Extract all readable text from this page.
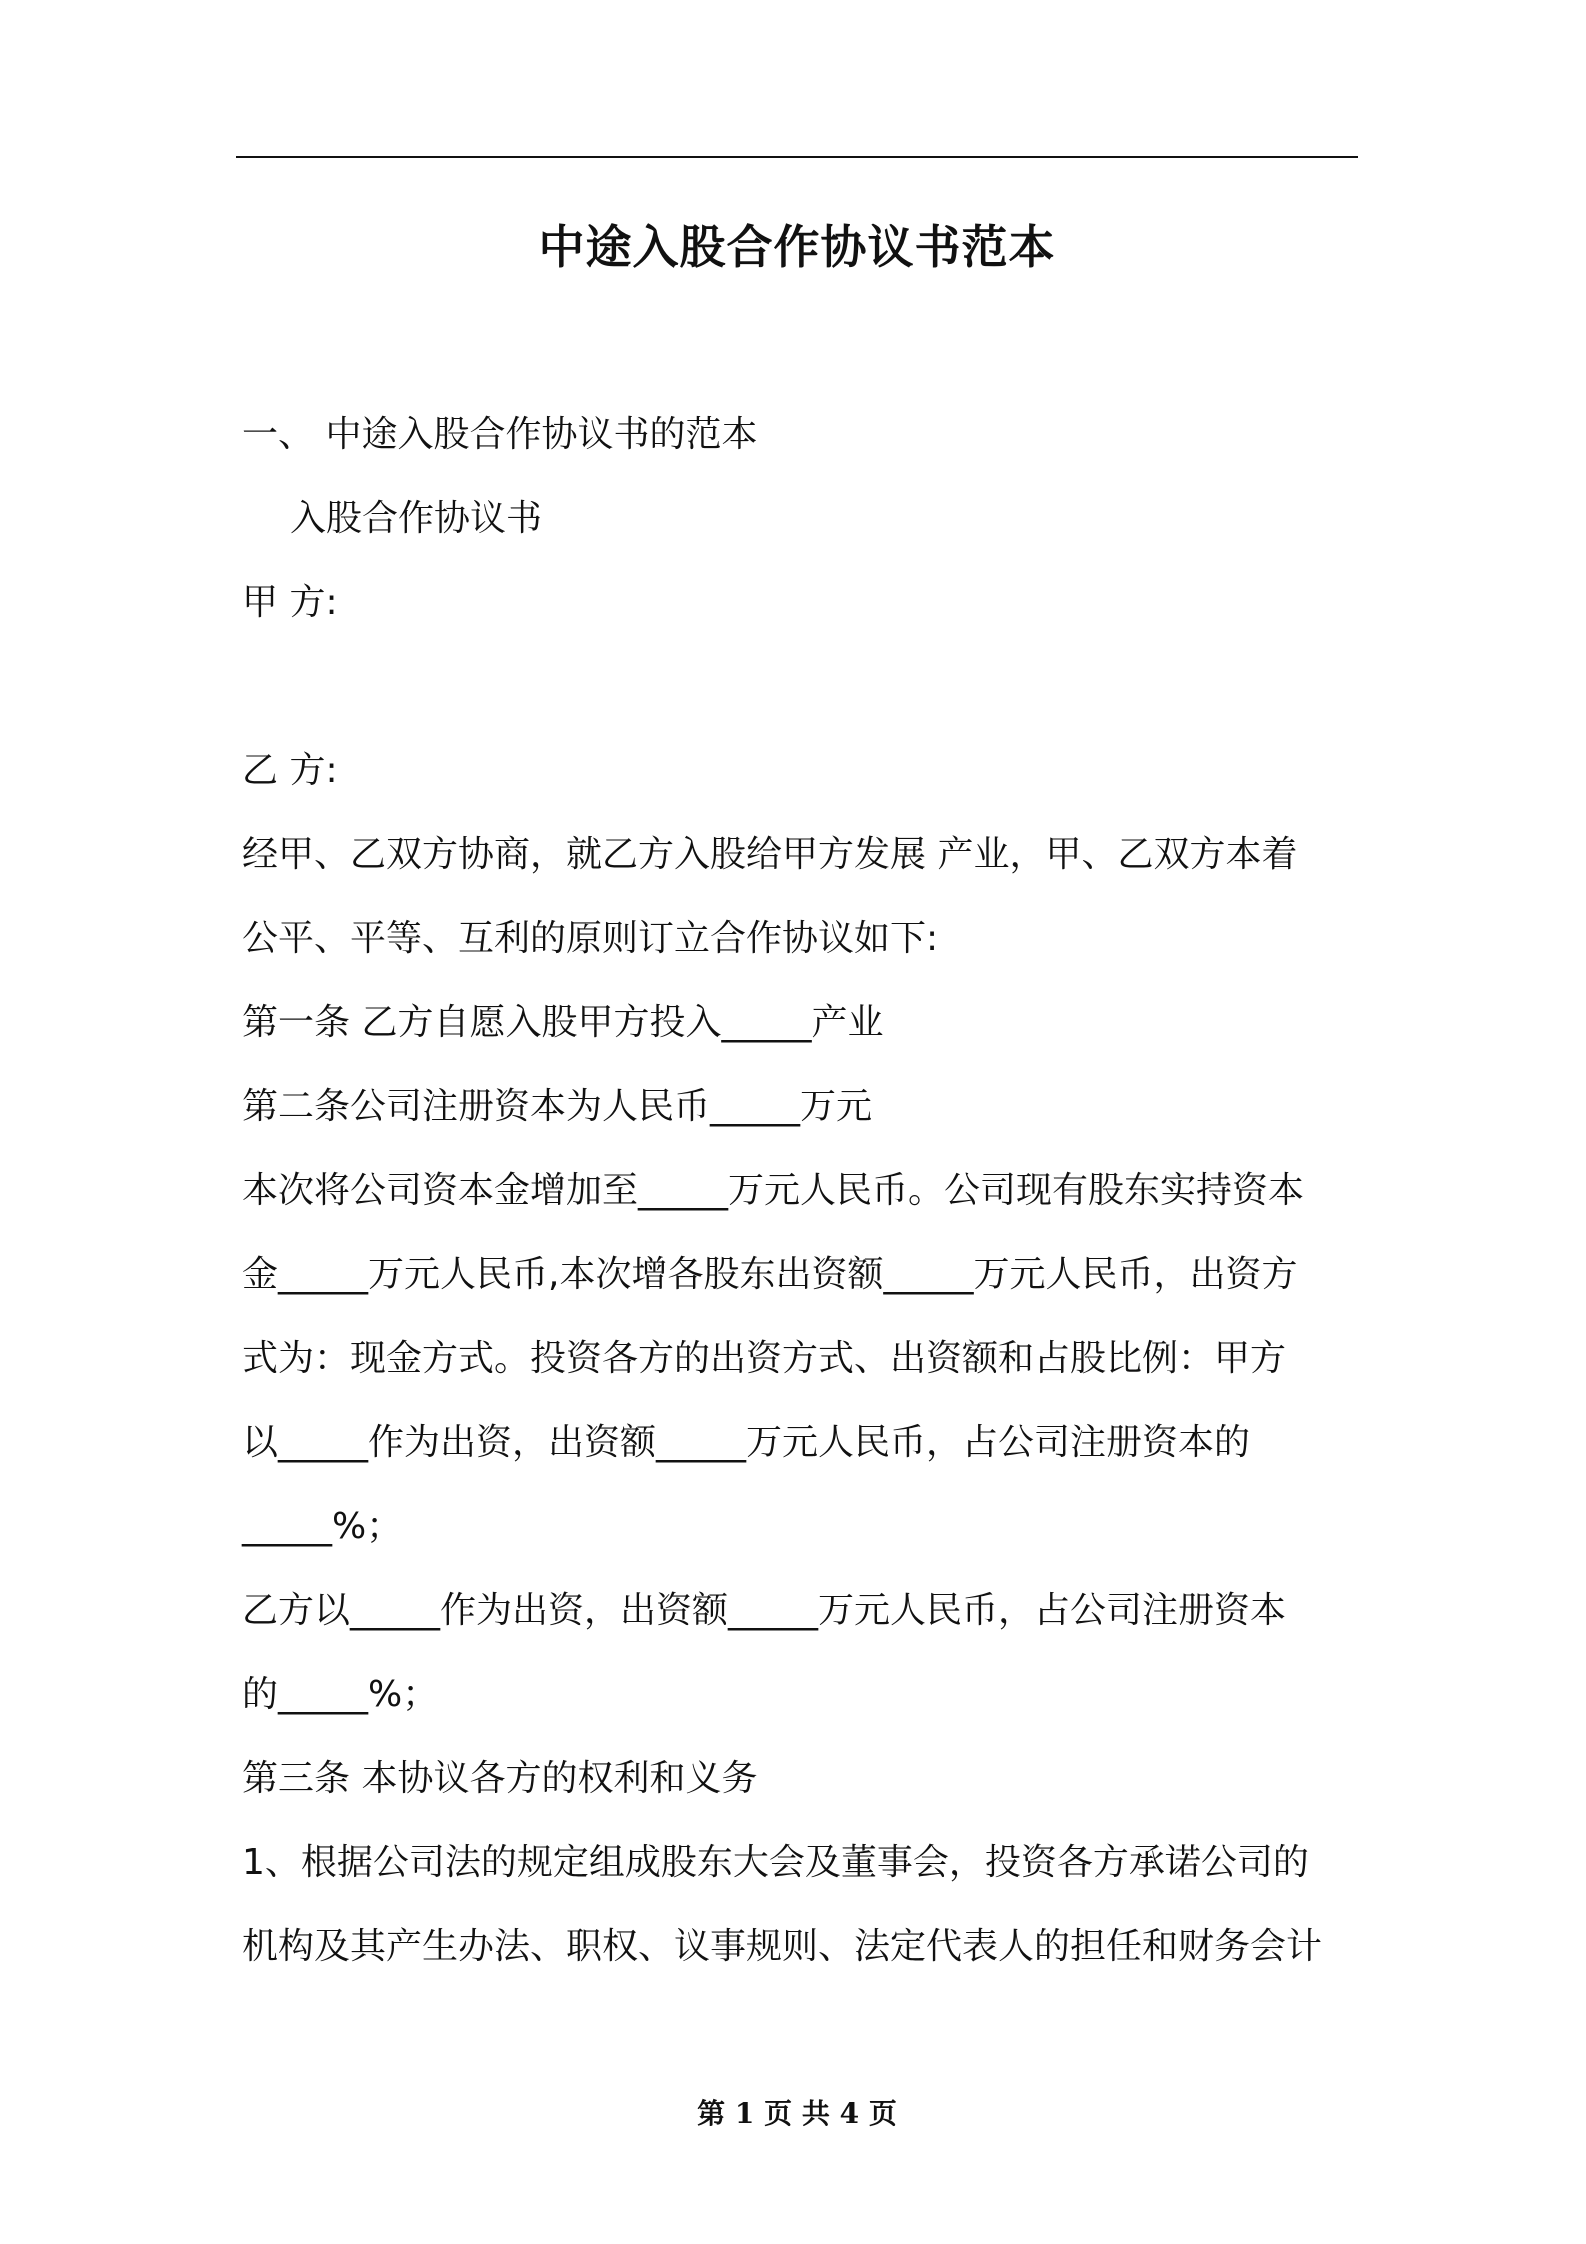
中途入股合作协议书范本
一、 中途入股合作协议书的范本
入股合作协议书
甲 方:
乙 方:
经甲、乙双方协商，就乙方入股给甲方发展 产业，甲、乙双方本着
公平、平等、互利的原则订立合作协议如下:
第一条 乙方自愿入股甲方投入_____产业
第二条公司注册资本为人民币_____万元
本次将公司资本金增加至_____万元人民币。公司现有股东实持资本
金_____万元人民币,本次增各股东出资额_____万元人民币，出资方
式为：现金方式。投资各方的出资方式、出资额和占股比例：甲方
以_____作为出资，出资额_____万元人民币，占公司注册资本的
_____%；
乙方以_____作为出资，出资额_____万元人民币，占公司注册资本
的_____%；
第三条 本协议各方的权利和义务
1、根据公司法的规定组成股东大会及董事会，投资各方承诺公司的
机构及其产生办法、职权、议事规则、法定代表人的担任和财务会计
第 1 页 共 4 页
